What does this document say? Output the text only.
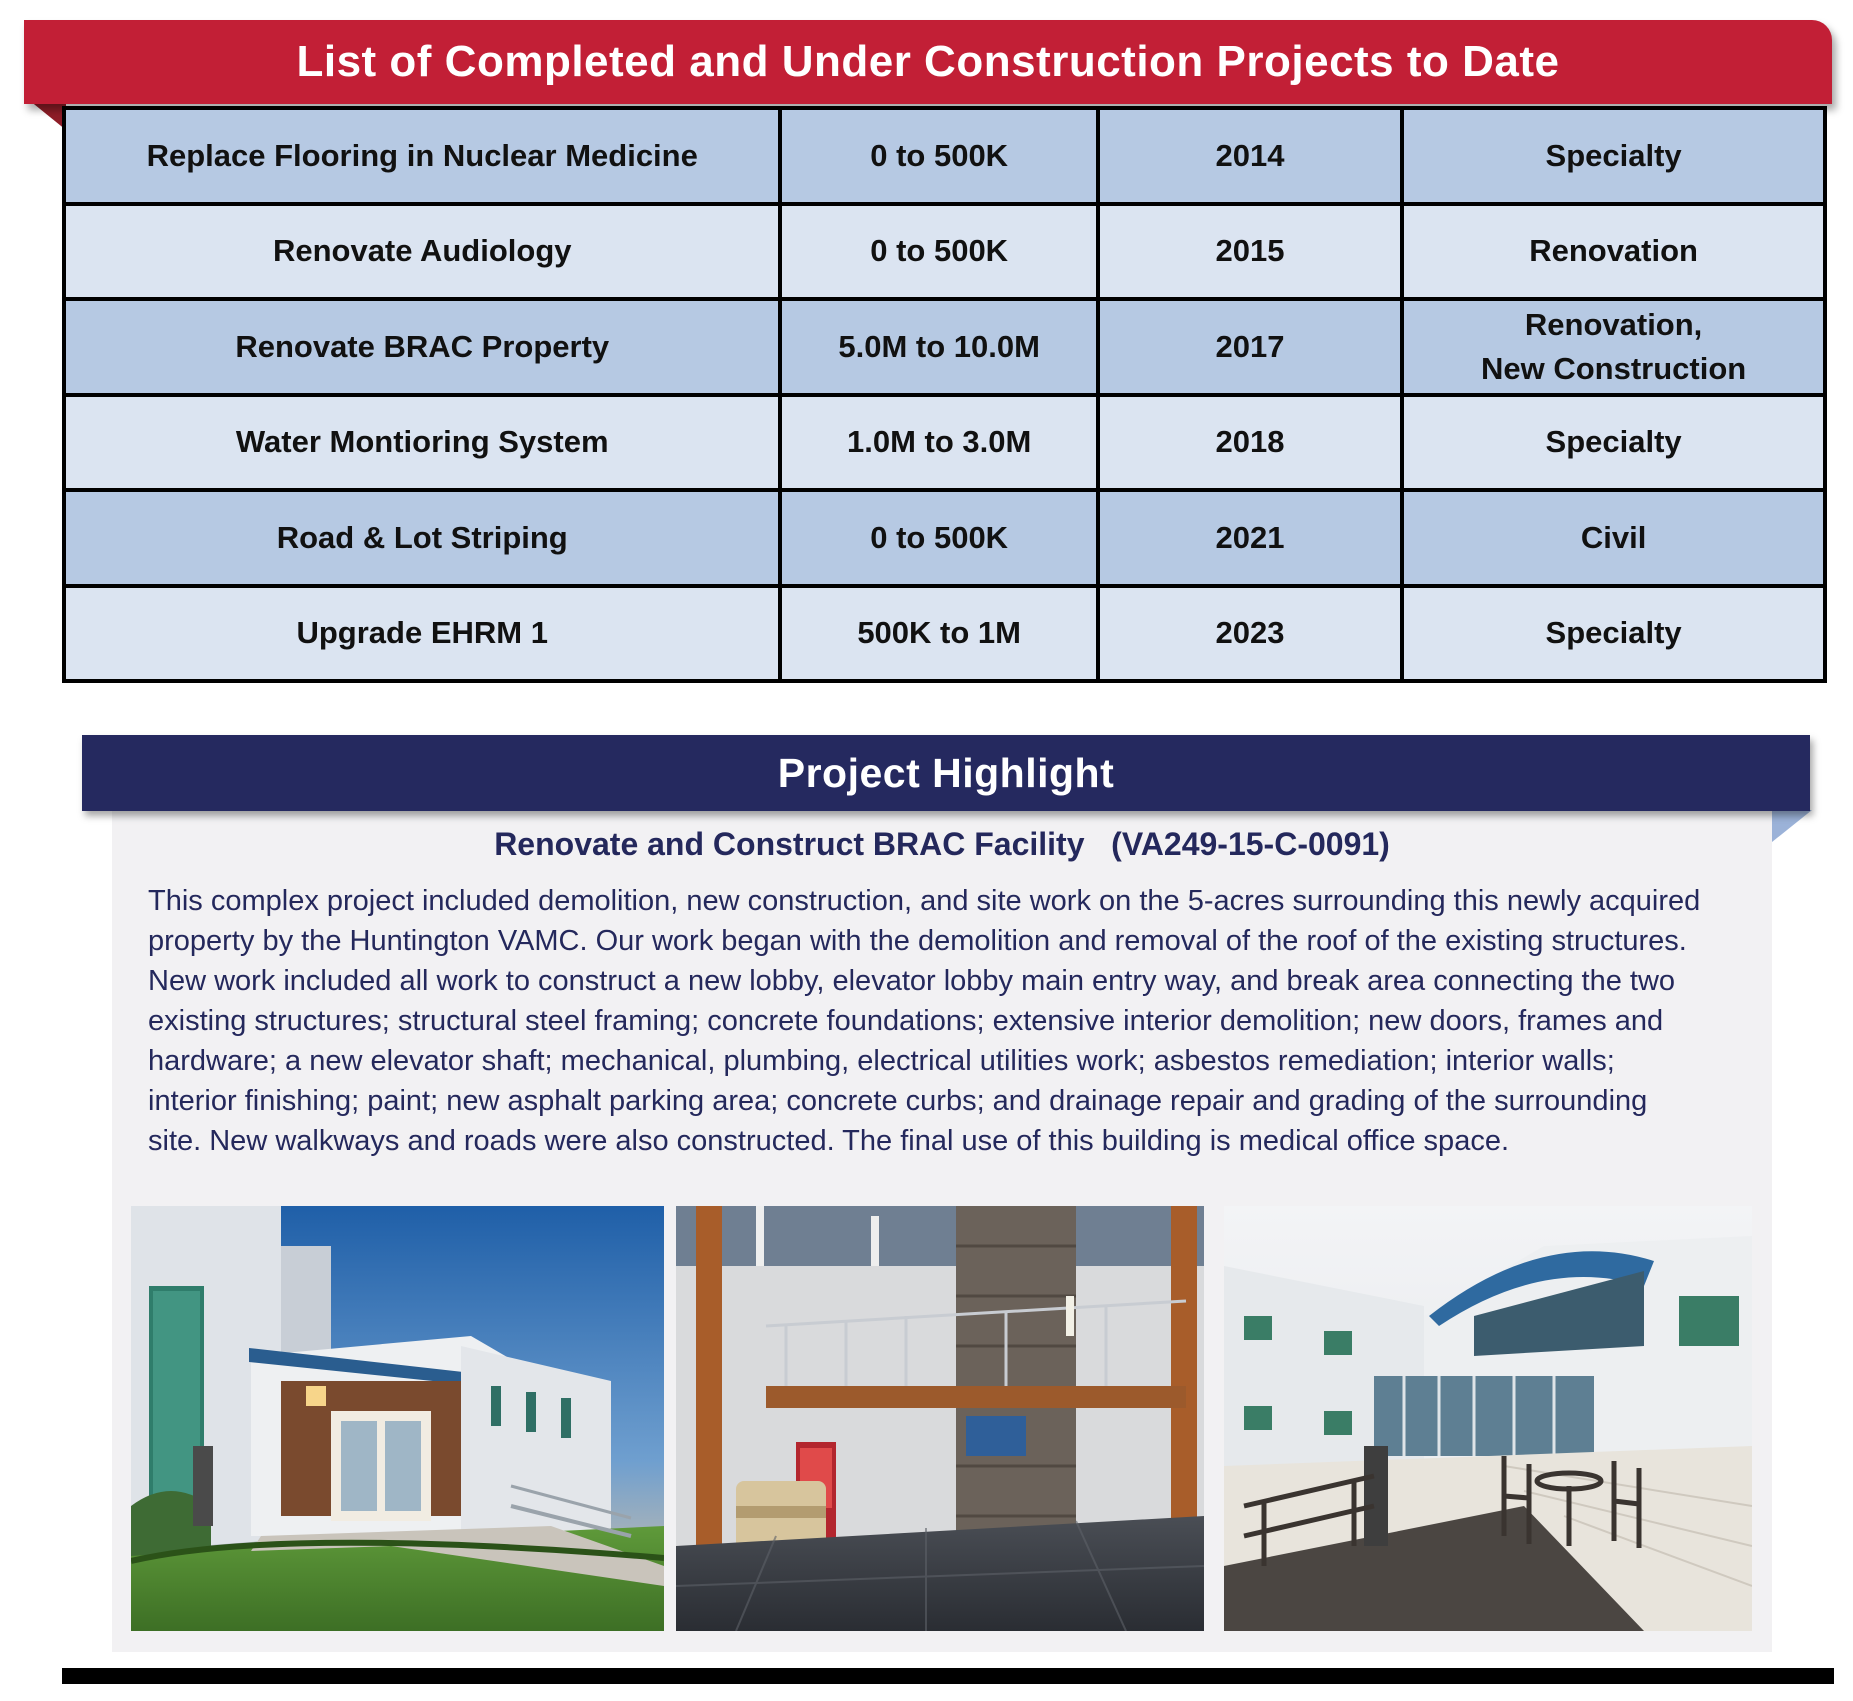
List of Completed and Under Construction Projects to Date
Replace Flooring in Nuclear Medicine	0 to 500K	2014	Specialty
Renovate Audiology	0 to 500K	2015	Renovation
Renovate BRAC Property	5.0M to 10.0M	2017	Renovation,
New Construction

Water Montioring System	1.0M to 3.0M	2018	Specialty
Road & Lot Striping	0 to 500K	2021	Civil
Upgrade EHRM 1	500K to 1M	2023	Specialty
Project Highlight
Renovate and Construct BRAC Facility   (VA249-15-C-0091)

This complex project included demolition, new construction, and site work on the 5-acres surrounding this newly acquired property by the Huntington VAMC. Our work began with the demolition and removal of the roof of the existing structures. New work included all work to construct a new lobby, elevator lobby main entry way, and break area connecting the two existing structures; structural steel framing; concrete foundations; extensive interior demolition; new doors, frames and hardware; a new elevator shaft; mechanical, plumbing, electrical utilities work; asbestos remediation; interior walls; interior finishing; paint; new asphalt parking area; concrete curbs; and drainage repair and grading of the surrounding site. New walkways and roads were also constructed. The final use of this building is medical office space.
